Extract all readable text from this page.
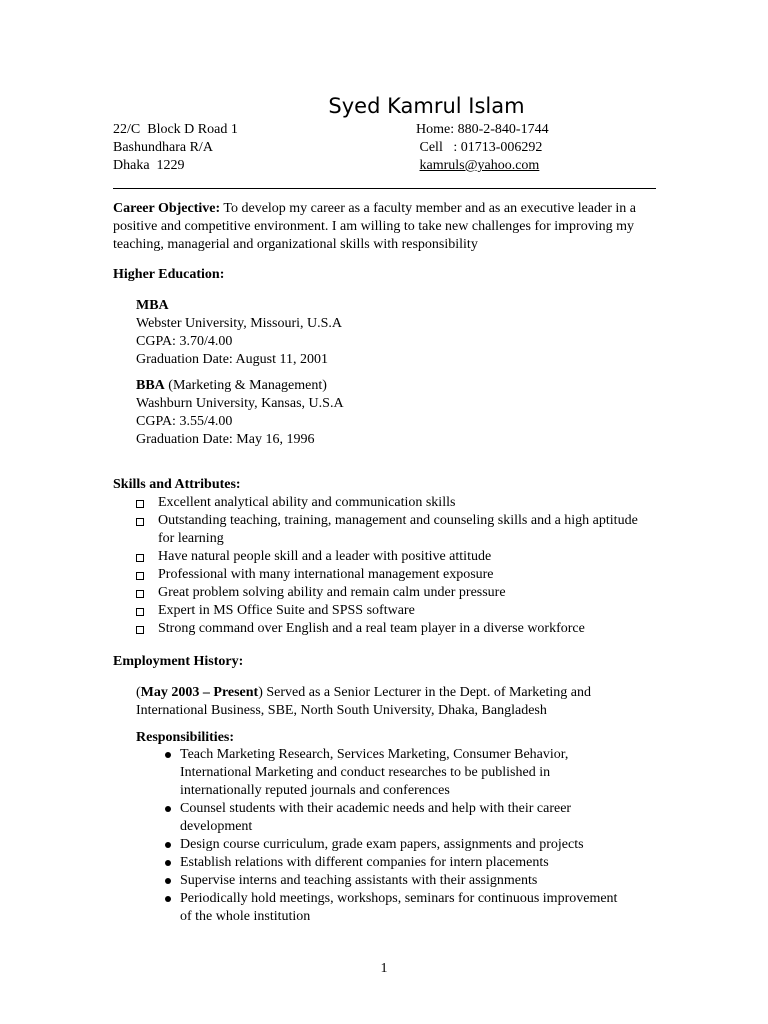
Syed Kamrul Islam
22/C  Block D Road 1
Bashundhara R/A
Dhaka  1229
Home: 880-2-840-1744
Cell   : 01713-006292
kamruls@yahoo.com
Career Objective: To develop my career as a faculty member and as an executive leader in a positive and competitive environment. I am willing to take new challenges for improving my teaching, managerial and organizational skills with responsibility
Higher Education:
MBA
Webster University, Missouri, U.S.A
CGPA: 3.70/4.00
Graduation Date: August 11, 2001
BBA (Marketing & Management)
Washburn University, Kansas, U.S.A
CGPA: 3.55/4.00
Graduation Date: May 16, 1996
Skills and Attributes:
Excellent analytical ability and communication skills
Outstanding teaching, training, management and counseling skills and a high aptitude for learning
Have natural people skill and a leader with positive attitude
Professional with many international management exposure
Great problem solving ability and remain calm under pressure
Expert in MS Office Suite and SPSS software
Strong command over English and a real team player in a diverse workforce
Employment History:
(May 2003 – Present) Served as a Senior Lecturer in the Dept. of Marketing and International Business, SBE, North South University, Dhaka, Bangladesh
Responsibilities:
Teach Marketing Research, Services Marketing, Consumer Behavior, International Marketing and conduct researches to be published in internationally reputed journals and conferences
Counsel students with their academic needs and help with their career development
Design course curriculum, grade exam papers, assignments and projects
Establish relations with different companies for intern placements
Supervise interns and teaching assistants with their assignments
Periodically hold meetings, workshops, seminars for continuous improvement of the whole institution
1
